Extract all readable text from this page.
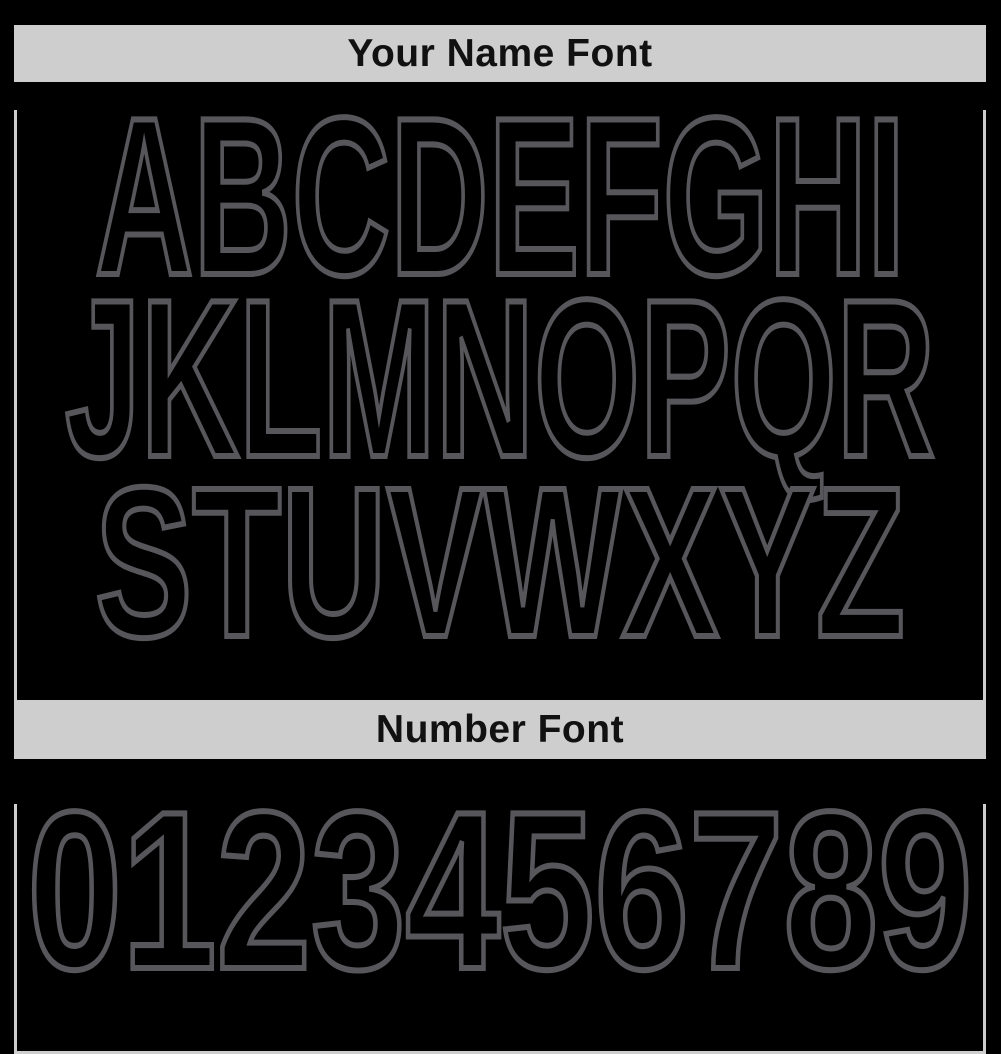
Your Name Font
ABCDEFGHI
JKLMNOPQR
STUVWXYZ
Number Font
0123456789
